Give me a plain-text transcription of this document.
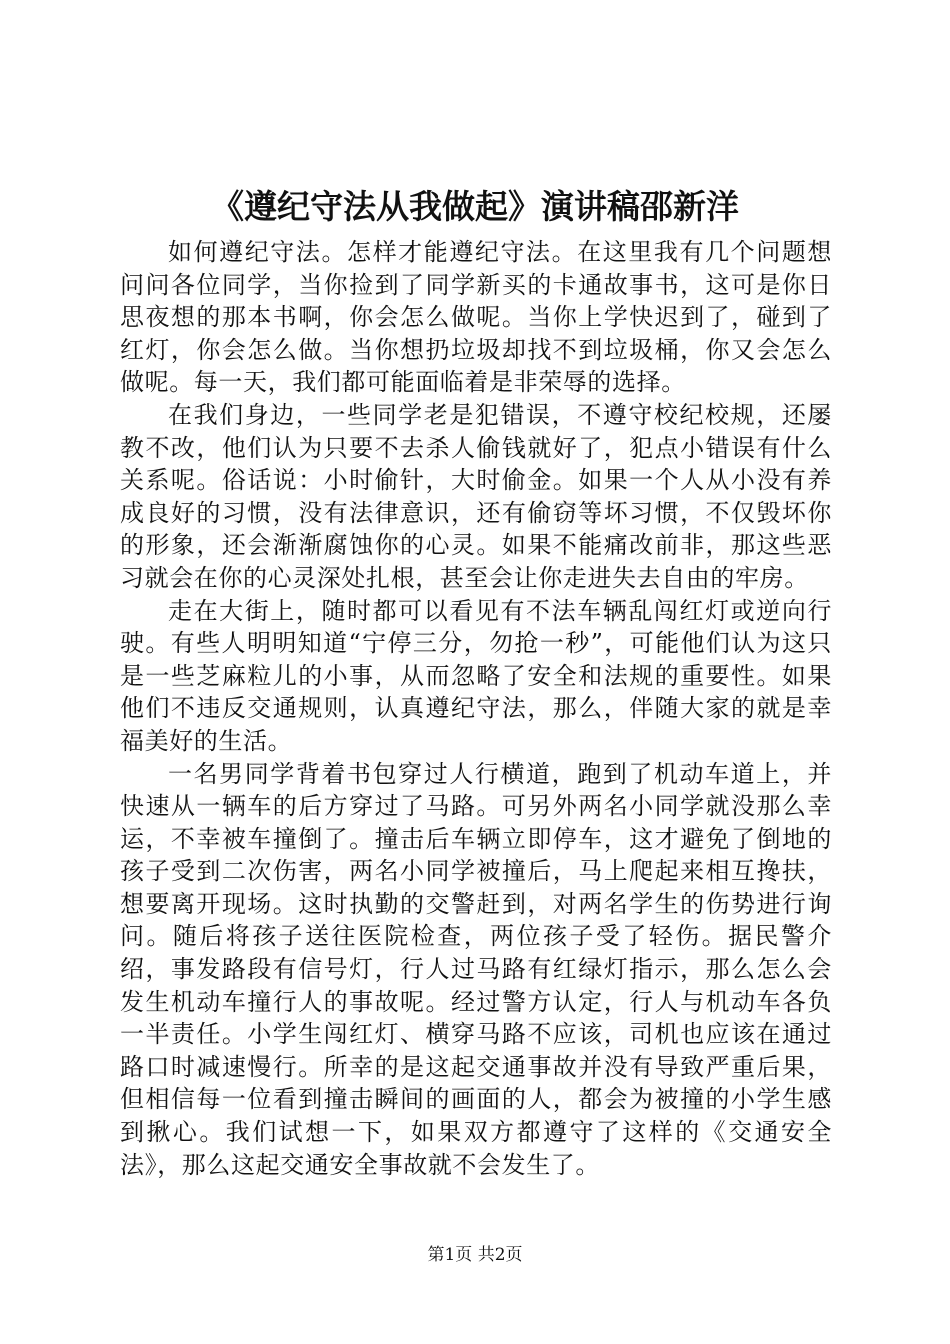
《遵纪守法从我做起》演讲稿邵新洋

如何遵纪守法。怎样才能遵纪守法。在这里我有几个问题想问问各位同学，当你捡到了同学新买的卡通故事书，这可是你日思夜想的那本书啊，你会怎么做呢。当你上学快迟到了，碰到了红灯，你会怎么做。当你想扔垃圾却找不到垃圾桶，你又会怎么做呢。每一天，我们都可能面临着是非荣辱的选择。

在我们身边，一些同学老是犯错误，不遵守校纪校规，还屡教不改，他们认为只要不去杀人偷钱就好了，犯点小错误有什么关系呢。俗话说：小时偷针，大时偷金。如果一个人从小没有养成良好的习惯，没有法律意识，还有偷窃等坏习惯，不仅毁坏你的形象，还会渐渐腐蚀你的心灵。如果不能痛改前非，那这些恶习就会在你的心灵深处扎根，甚至会让你走进失去自由的牢房。

走在大街上，随时都可以看见有不法车辆乱闯红灯或逆向行驶。有些人明明知道“宁停三分，勿抢一秒”，可能他们认为这只是一些芝麻粒儿的小事，从而忽略了安全和法规的重要性。如果他们不违反交通规则，认真遵纪守法，那么，伴随大家的就是幸福美好的生活。

一名男同学背着书包穿过人行横道，跑到了机动车道上，并快速从一辆车的后方穿过了马路。可另外两名小同学就没那么幸运，不幸被车撞倒了。撞击后车辆立即停车，这才避免了倒地的孩子受到二次伤害，两名小同学被撞后，马上爬起来相互搀扶，想要离开现场。这时执勤的交警赶到，对两名学生的伤势进行询问。随后将孩子送往医院检查，两位孩子受了轻伤。据民警介绍，事发路段有信号灯，行人过马路有红绿灯指示，那么怎么会发生机动车撞行人的事故呢。经过警方认定，行人与机动车各负一半责任。小学生闯红灯、横穿马路不应该，司机也应该在通过路口时减速慢行。所幸的是这起交通事故并没有导致严重后果，但相信每一位看到撞击瞬间的画面的人，都会为被撞的小学生感到揪心。我们试想一下，如果双方都遵守了这样的《交通安全法》，那么这起交通安全事故就不会发生了。

第1页 共2页
